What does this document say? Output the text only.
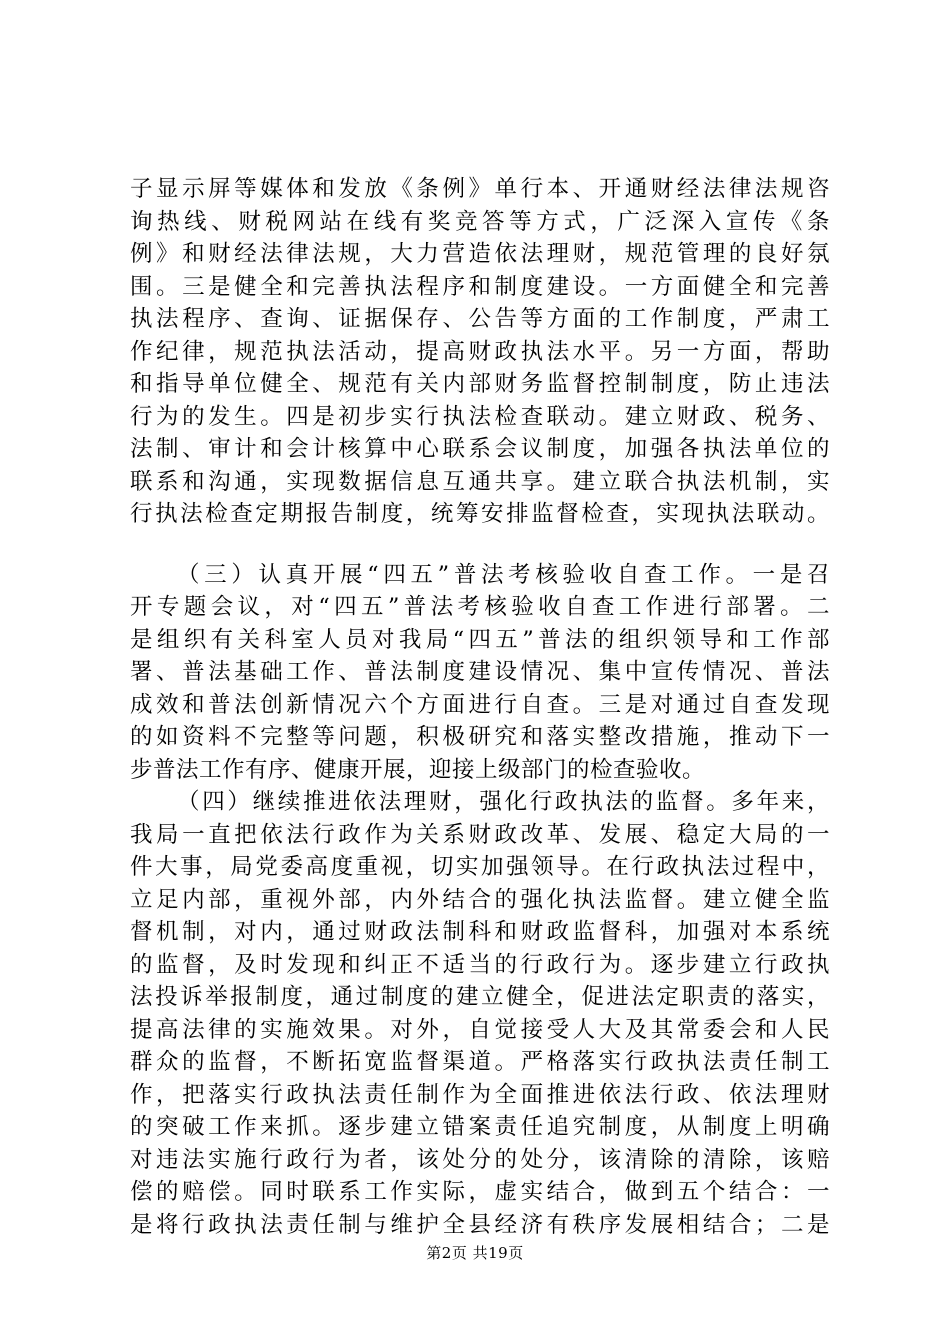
子显示屏等媒体和发放《条例》单行本、开通财经法律法规咨
询热线、财税网站在线有奖竞答等方式，广泛深入宣传《条
例》和财经法律法规，大力营造依法理财，规范管理的良好氛
围。三是健全和完善执法程序和制度建设。一方面健全和完善
执法程序、查询、证据保存、公告等方面的工作制度，严肃工
作纪律，规范执法活动，提高财政执法水平。另一方面，帮助
和指导单位健全、规范有关内部财务监督控制制度，防止违法
行为的发生。四是初步实行执法检查联动。建立财政、税务、
法制、审计和会计核算中心联系会议制度，加强各执法单位的
联系和沟通，实现数据信息互通共享。建立联合执法机制，实
行执法检查定期报告制度，统筹安排监督检查，实现执法联动。
（三）认真开展“四五”普法考核验收自查工作。一是召
开专题会议，对“四五”普法考核验收自查工作进行部署。二
是组织有关科室人员对我局“四五”普法的组织领导和工作部
署、普法基础工作、普法制度建设情况、集中宣传情况、普法
成效和普法创新情况六个方面进行自查。三是对通过自查发现
的如资料不完整等问题，积极研究和落实整改措施，推动下一
步普法工作有序、健康开展，迎接上级部门的检查验收。
（四）继续推进依法理财，强化行政执法的监督。多年来，
我局一直把依法行政作为关系财政改革、发展、稳定大局的一
件大事，局党委高度重视，切实加强领导。在行政执法过程中，
立足内部，重视外部，内外结合的强化执法监督。建立健全监
督机制，对内，通过财政法制科和财政监督科，加强对本系统
的监督，及时发现和纠正不适当的行政行为。逐步建立行政执
法投诉举报制度，通过制度的建立健全，促进法定职责的落实，
提高法律的实施效果。对外，自觉接受人大及其常委会和人民
群众的监督，不断拓宽监督渠道。严格落实行政执法责任制工
作，把落实行政执法责任制作为全面推进依法行政、依法理财
的突破工作来抓。逐步建立错案责任追究制度，从制度上明确
对违法实施行政行为者，该处分的处分，该清除的清除，该赔
偿的赔偿。同时联系工作实际，虚实结合，做到五个结合：一
是将行政执法责任制与维护全县经济有秩序发展相结合；二是
第2页 共19页
